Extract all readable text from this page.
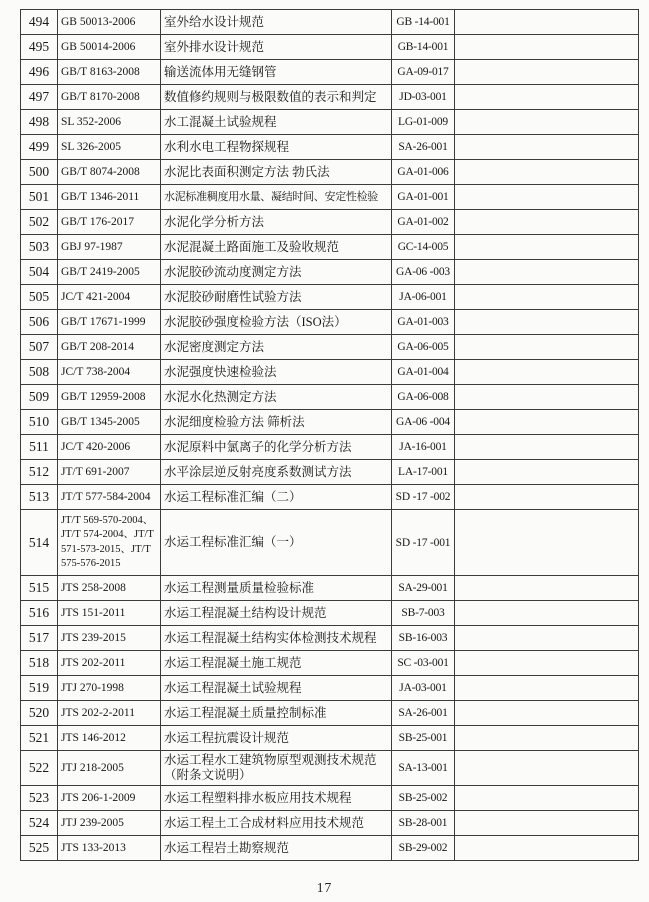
494	GB 50013-2006	室外给水设计规范	GB -14-001	
495	GB 50014-2006	室外排水设计规范	GB-14-001	
496	GB/T 8163-2008	输送流体用无缝钢管	GA-09-017	
497	GB/T 8170-2008	数值修约规则与极限数值的表示和判定	JD-03-001	
498	SL 352-2006	水工混凝土试验规程	LG-01-009	
499	SL 326-2005	水利水电工程物探规程	SA-26-001	
500	GB/T 8074-2008	水泥比表面积测定方法 勃氏法	GA-01-006	
501	GB/T 1346-2011	水泥标准稠度用水量、凝结时间、安定性检验	GA-01-001	
502	GB/T 176-2017	水泥化学分析方法	GA-01-002	
503	GBJ 97-1987	水泥混凝土路面施工及验收规范	GC-14-005	
504	GB/T 2419-2005	水泥胶砂流动度测定方法	GA-06 -003	
505	JC/T 421-2004	水泥胶砂耐磨性试验方法	JA-06-001	
506	GB/T 17671-1999	水泥胶砂强度检验方法（ISO法）	GA-01-003	
507	GB/T 208-2014	水泥密度测定方法	GA-06-005	
508	JC/T 738-2004	水泥强度快速检验法	GA-01-004	
509	GB/T 12959-2008	水泥水化热测定方法	GA-06-008	
510	GB/T 1345-2005	水泥细度检验方法 筛析法	GA-06 -004	
511	JC/T 420-2006	水泥原料中氯离子的化学分析方法	JA-16-001	
512	JT/T 691-2007	水平涂层逆反射亮度系数测试方法	LA-17-001	
513	JT/T 577-584-2004	水运工程标准汇编（二）	SD -17 -002	
514	JT/T 569-570-2004、JT/T 574-2004、JT/T 571-573-2015、JT/T 575-576-2015	水运工程标准汇编（一）	SD -17 -001	
515	JTS 258-2008	水运工程测量质量检验标准	SA-29-001	
516	JTS 151-2011	水运工程混凝土结构设计规范	SB-7-003	
517	JTS 239-2015	水运工程混凝土结构实体检测技术规程	SB-16-003	
518	JTS 202-2011	水运工程混凝土施工规范	SC -03-001	
519	JTJ 270-1998	水运工程混凝土试验规程	JA-03-001	
520	JTS 202-2-2011	水运工程混凝土质量控制标准	SA-26-001	
521	JTS 146-2012	水运工程抗震设计规范	SB-25-001	
522	JTJ 218-2005	水运工程水工建筑物原型观测技术规范（附条文说明）	SA-13-001	
523	JTS 206-1-2009	水运工程塑料排水板应用技术规程	SB-25-002	
524	JTJ 239-2005	水运工程土工合成材料应用技术规范	SB-28-001	
525	JTS 133-2013	水运工程岩土勘察规范	SB-29-002	
17
